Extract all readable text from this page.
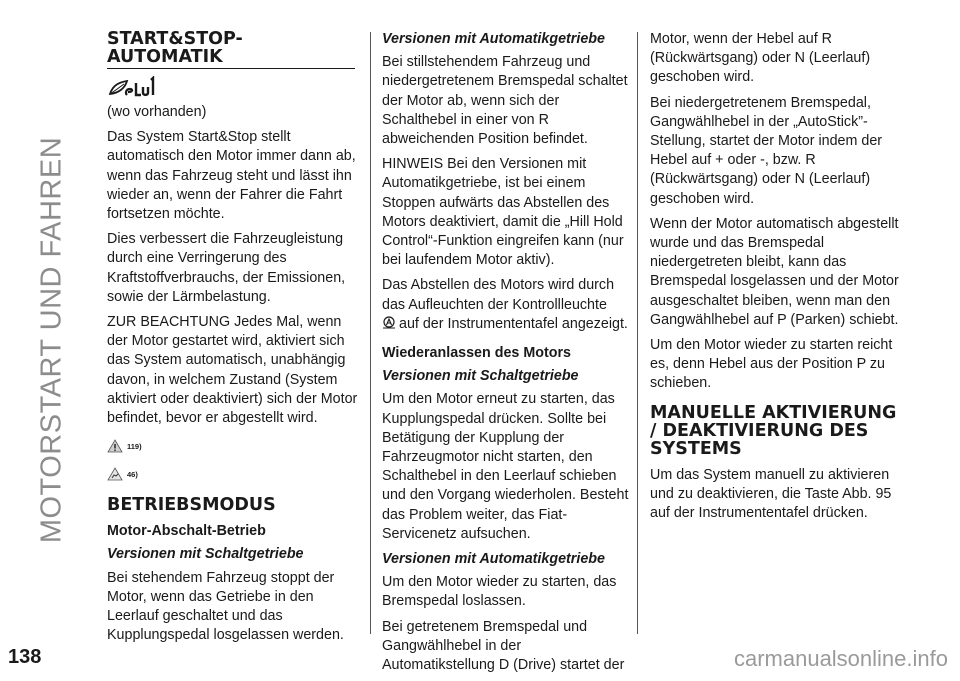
MOTORSTART UND FAHREN
START&STOP-
AUTOMATIK

(wo vorhanden)

Das System Start&Stop stellt automatisch den Motor immer dann ab, wenn das Fahrzeug steht und lässt ihn wieder an, wenn der Fahrer die Fahrt fortsetzen möchte.

Dies verbessert die Fahrzeugleistung durch eine Verringerung des Kraftstoffverbrauchs, der Emissionen, sowie der Lärmbelastung.

ZUR BEACHTUNG Jedes Mal, wenn der Motor gestartet wird, aktiviert sich das System automatisch, unabhängig davon, in welchem Zustand (System aktiviert oder deaktiviert) sich der Motor befindet, bevor er abgestellt wird.

119)
46)
BETRIEBSMODUS

Motor-Abschalt-Betrieb

Versionen mit Schaltgetriebe

Bei stehendem Fahrzeug stoppt der Motor, wenn das Getriebe in den Leerlauf geschaltet und das Kupplungspedal losgelassen werden.

Versionen mit Automatikgetriebe

Bei stillstehendem Fahrzeug und niedergetretenem Bremspedal schaltet der Motor ab, wenn sich der Schalthebel in einer von R abweichenden Position befindet.

HINWEIS Bei den Versionen mit Automatikgetriebe, ist bei einem Stoppen aufwärts das Abstellen des Motors deaktiviert, damit die „Hill Hold Control“-Funktion eingreifen kann (nur bei laufendem Motor aktiv).

Das Abstellen des Motors wird durch das Aufleuchten der Kontrollleuchte
auf der Instrumententafel angezeigt.

Wiederanlassen des Motors

Versionen mit Schaltgetriebe

Um den Motor erneut zu starten, das Kupplungspedal drücken. Sollte bei Betätigung der Kupplung der Fahrzeugmotor nicht starten, den Schalthebel in den Leerlauf schieben und den Vorgang wiederholen. Besteht das Problem weiter, das Fiat-Servicenetz aufsuchen.

Versionen mit Automatikgetriebe

Um den Motor wieder zu starten, das Bremspedal loslassen.

Bei getretenem Bremspedal und Gangwählhebel in der Automatikstellung D (Drive) startet der

Motor, wenn der Hebel auf R (Rückwärtsgang) oder N (Leerlauf) geschoben wird.

Bei niedergetretenem Bremspedal, Gangwählhebel in der „AutoStick”-Stellung, startet der Motor indem der Hebel auf + oder -, bzw. R (Rückwärtsgang) oder N (Leerlauf) geschoben wird.

Wenn der Motor automatisch abgestellt wurde und das Bremspedal niedergetreten bleibt, kann das Bremspedal losgelassen und der Motor ausgeschaltet bleiben, wenn man den Gangwählhebel auf P (Parken) schiebt.

Um den Motor wieder zu starten reicht es, denn Hebel aus der Position P zu schieben.

MANUELLE AKTIVIERUNG
/ DEAKTIVIERUNG DES
SYSTEMS

Um das System manuell zu aktivieren und zu deaktivieren, die Taste Abb. 95 auf der Instrumententafel drücken.

138	carmanualsonline.info
